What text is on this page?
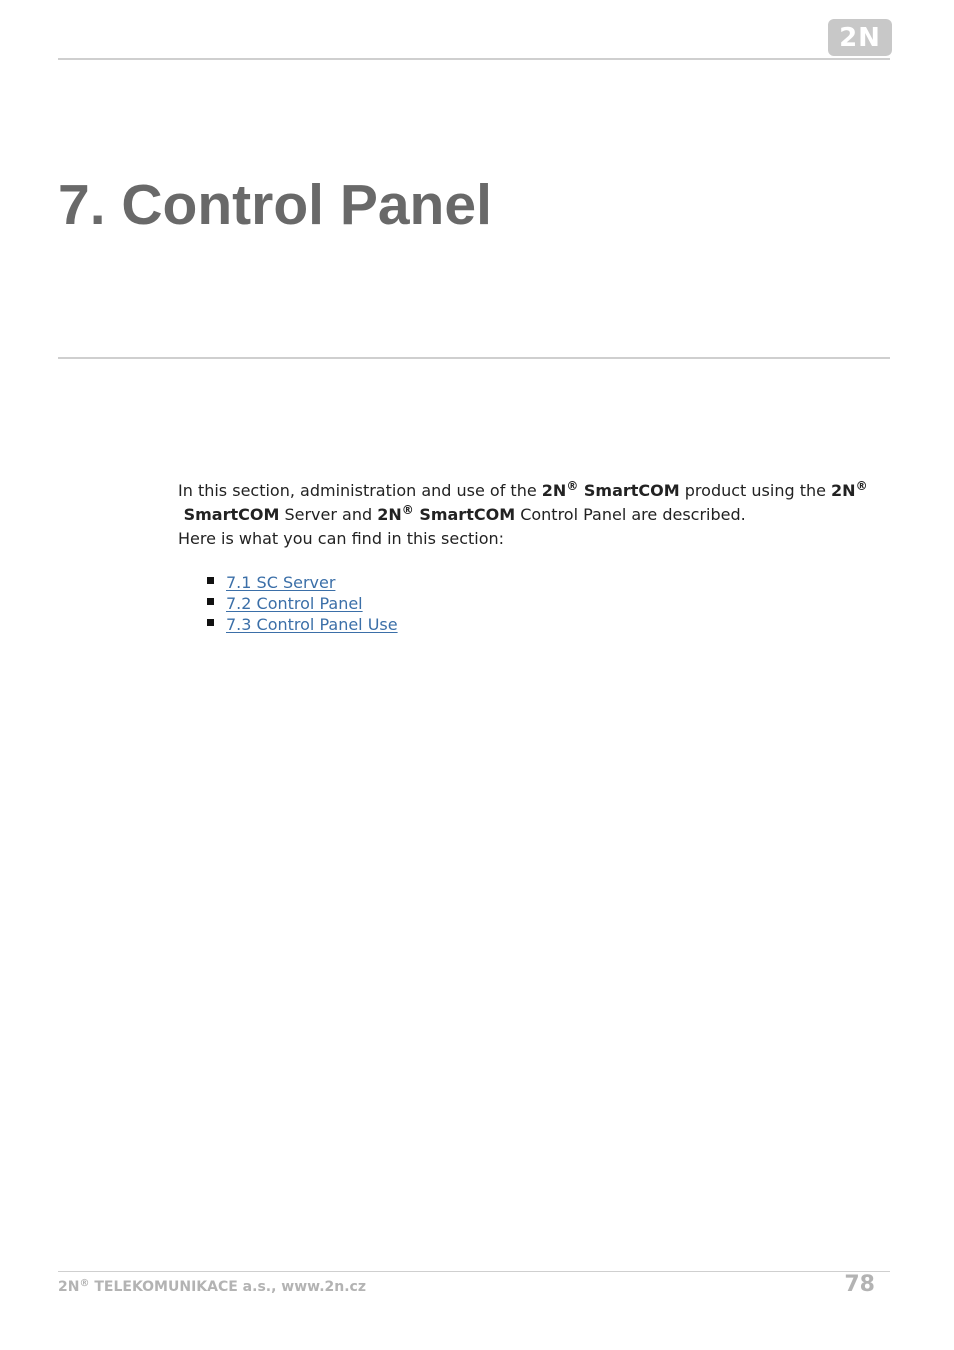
2N
7. Control Panel

In this section, administration and use of the 2N® SmartCOM product using the 2N®
SmartCOM Server and 2N® SmartCOM Control Panel are described.

Here is what you can find in this section:

7.1 SC Server
7.2 Control Panel
7.3 Control Panel Use
2N® TELEKOMUNIKACE a.s., www.2n.cz	78
